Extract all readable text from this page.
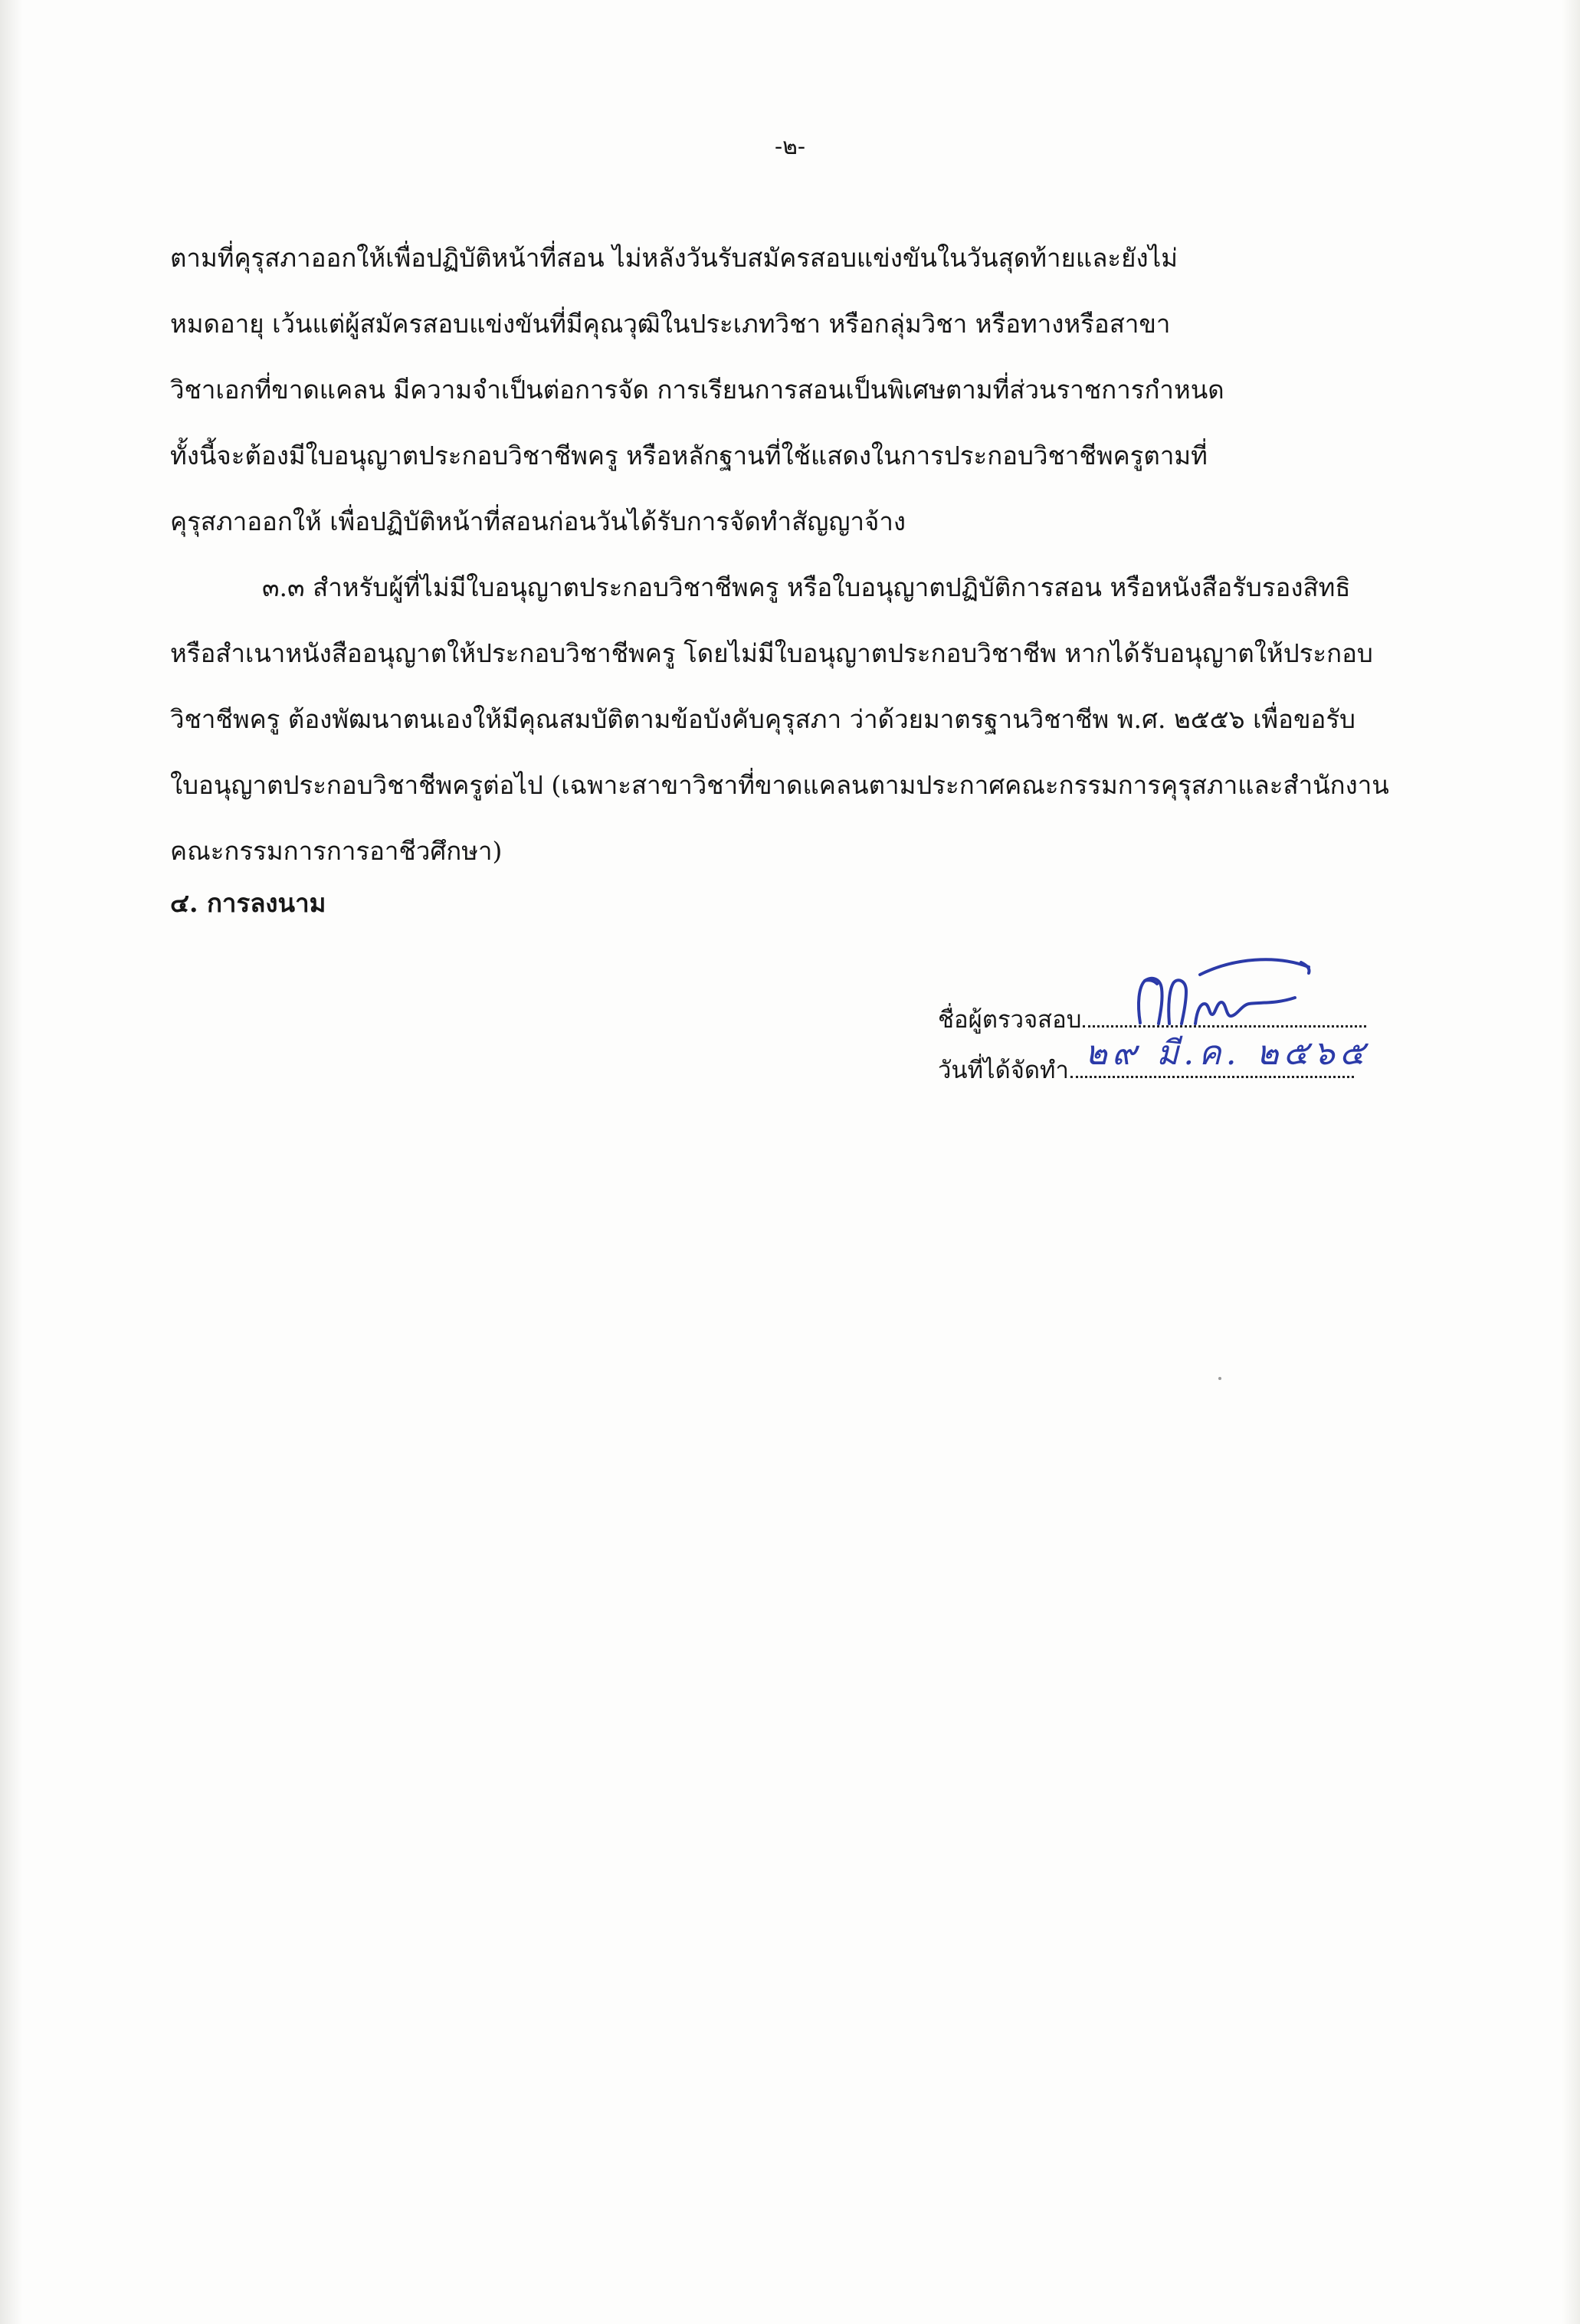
-๒-
ตามที่คุรุสภาออกให้เพื่อปฏิบัติหน้าที่สอน ไม่หลังวันรับสมัครสอบแข่งขันในวันสุดท้ายและยังไม่
หมดอายุ เว้นแต่ผู้สมัครสอบแข่งขันที่มีคุณวุฒิในประเภทวิชา หรือกลุ่มวิชา หรือทางหรือสาขา
วิชาเอกที่ขาดแคลน มีความจำเป็นต่อการจัด การเรียนการสอนเป็นพิเศษตามที่ส่วนราชการกำหนด
ทั้งนี้จะต้องมีใบอนุญาตประกอบวิชาชีพครู หรือหลักฐานที่ใช้แสดงในการประกอบวิชาชีพครูตามที่
คุรุสภาออกให้ เพื่อปฏิบัติหน้าที่สอนก่อนวันได้รับการจัดทำสัญญาจ้าง
๓.๓ สำหรับผู้ที่ไม่มีใบอนุญาตประกอบวิชาชีพครู หรือใบอนุญาตปฏิบัติการสอน หรือหนังสือรับรองสิทธิ
หรือสำเนาหนังสืออนุญาตให้ประกอบวิชาชีพครู โดยไม่มีใบอนุญาตประกอบวิชาชีพ หากได้รับอนุญาตให้ประกอบ
วิชาชีพครู ต้องพัฒนาตนเองให้มีคุณสมบัติตามข้อบังคับคุรุสภา ว่าด้วยมาตรฐานวิชาชีพ พ.ศ. ๒๕๕๖ เพื่อขอรับ
ใบอนุญาตประกอบวิชาชีพครูต่อไป (เฉพาะสาขาวิชาที่ขาดแคลนตามประกาศคณะกรรมการคุรุสภาและสำนักงาน
คณะกรรมการการอาชีวศึกษา)
๔. การลงนาม
ชื่อผู้ตรวจสอบ
วันที่ได้จัดทำ ๒๙ มี.ค. ๒๕๖๕
